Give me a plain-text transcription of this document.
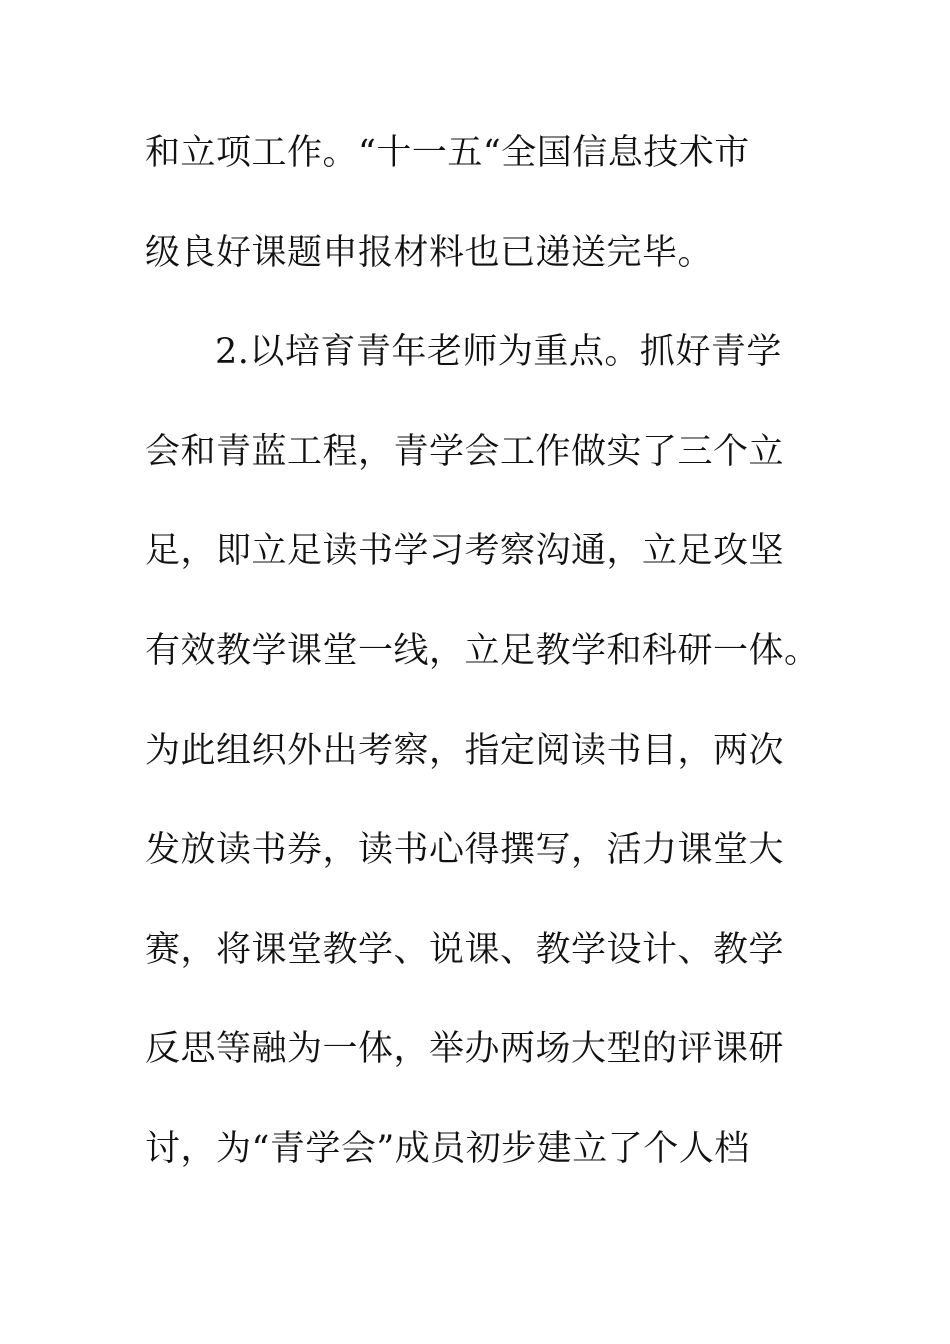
和立项工作。“十一五“全国信息技术市
级良好课题申报材料也已递送完毕。
2.以培育青年老师为重点。抓好青学
会和青蓝工程，青学会工作做实了三个立
足，即立足读书学习考察沟通，立足攻坚
有效教学课堂一线，立足教学和科研一体。
为此组织外出考察，指定阅读书目，两次
发放读书券，读书心得撰写，活力课堂大
赛，将课堂教学、说课、教学设计、教学
反思等融为一体，举办两场大型的评课研
讨，为“青学会”成员初步建立了个人档
